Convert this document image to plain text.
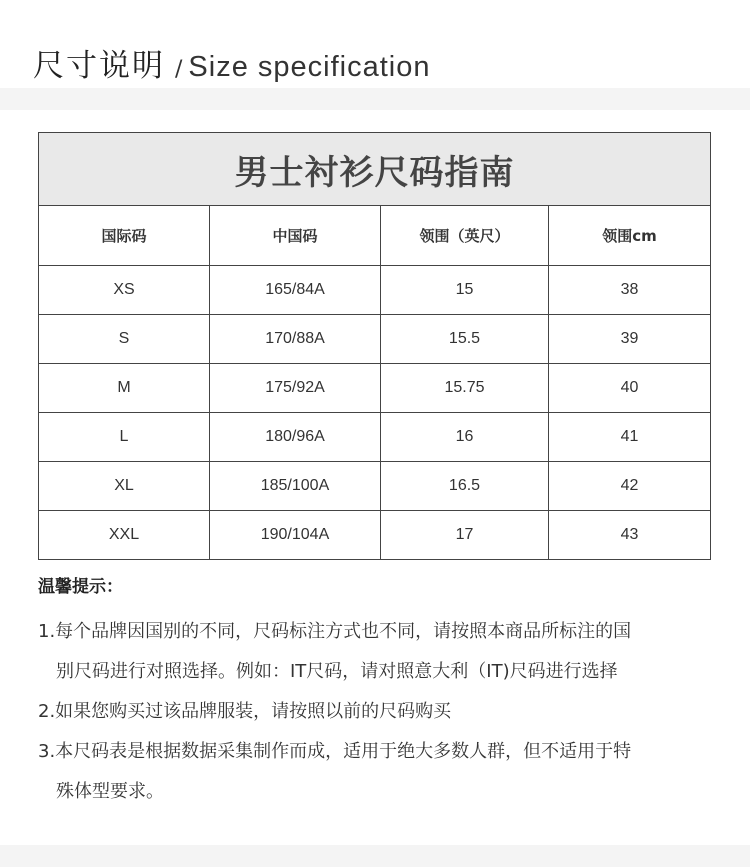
尺寸说明 / Size specification
男士衬衫尺码指南			
国际码	中国码	领围（英尺）	领围cm
XS	165/84A	15	38
S	170/88A	15.5	39
M	175/92A	15.75	40
L	180/96A	16	41
XL	185/100A	16.5	42
XXL	190/104A	17	43
温馨提示：
1.每个品牌因国别的不同，尺码标注方式也不同，请按照本商品所标注的国
别尺码进行对照选择。例如：IT尺码，请对照意大利（IT)尺码进行选择
2.如果您购买过该品牌服装，请按照以前的尺码购买
3.本尺码表是根据数据采集制作而成，适用于绝大多数人群，但不适用于特
殊体型要求。
